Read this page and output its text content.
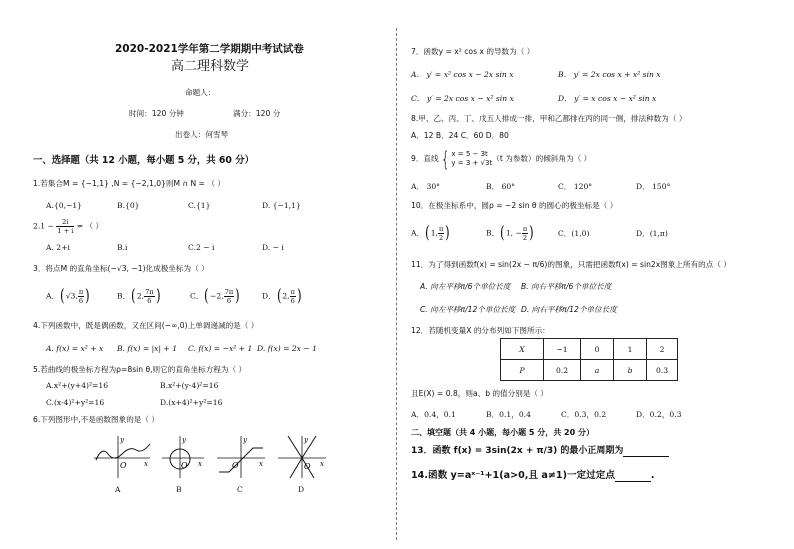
2020-2021学年第二学期期中考试试卷
高二理科数学
命题人：
时间：120 分钟	满分：120 分
出卷人：何雪琴
一、选择题（共 12 小题，每小题 5 分，共 60 分）
1.若集合M = {−1,1} ,N = {−2,1,0}则M ∩ N = （ ）
A.{0,−1}	B.{0}	C.{1}	D. {−1,1}
$2.1 - \frac{2i}{1 + i}$ = （ ）
A. 2+i	B.i	C.2 − i	D. − i
3．将点M 的直角坐标(−√3, −1)化成极坐标为（ ）
A．(√3, $\frac{\pi}{6}$ )	B．(2, $\frac{7\pi}{6}$ )	C．(−2, $\frac{7\pi}{6}$ )	D．(2, $\frac{\pi}{6}$ )
4.下列函数中，既是偶函数，又在区间(−∞,0)上单调递减的是（ ）
A. f(x) = x² + x B. f(x) = |x| + 1 C. f(x) = −x² + 1 D. f(x) = 2x − 1
5.若曲线的极坐标方程为ρ=8sin θ,则它的直角坐标方程为（ ）
A.x²+(y+4)²=16	B.x²+(y-4)²=16
C.(x-4)²+y²=16	D.(x+4)²+y²=16
6.下列图形中,不是函数图象的是（ ）
y
x
O
y
x
O
y
x
O
y
x
O
A	B	C	D
7．函数y = x² cos x 的导数为（ ）
A． y′ = x² cos x − 2x sin x	B． y′ = 2x cos x + x² sin x
C． y′ = 2x cos x − x² sin x	D． y′ = x cos x − x² sin x
8.甲、乙、丙、丁、戊五人排成一排，甲和乙都排在丙的同一侧，排法种数为（ ）
A．12 B．24 C．60 D．80
9．直线{ x = 5 − 3t
y = 3 + √3t （t 为参数）的倾斜角为（ ）
A． 30°	B． 60°	C． 120°	D． 150°
10．在极坐标系中，圆ρ = −2 sin θ 的圆心的极坐标是（ ）
A．(1, $\frac{\pi}{2}$ )	B．(1, − $\frac{\pi}{2}$ )	C．(1,0)	D．(1,π)
11．为了得到函数f(x) = sin(2x − π/6)的图象，只需把函数f(x) = sin2x图象上所有的点（ ）
A. 向左平移π/6个单位长度 B. 向右平移π/6个单位长度
C. 向左平移π/12个单位长度 D. 向右平移π/12个单位长度
12．若随机变量X 的分布列如下图所示：
X	−1	0	1	2
P	0.2	a	b	0.3
且E(X) = 0.8，则a、b 的值分别是（ ）
A．0.4，0.1	B．0.1，0.4	C．0.3，0.2	D．0.2，0.3
二、填空题（共 4 小题，每小题 5 分，共 20 分）
13．函数 f(x) = 3sin(2x + π/3) 的最小正周期为
14.函数 y=aˣ⁻¹+1(a>0,且 a≠1)一定过定点	.
